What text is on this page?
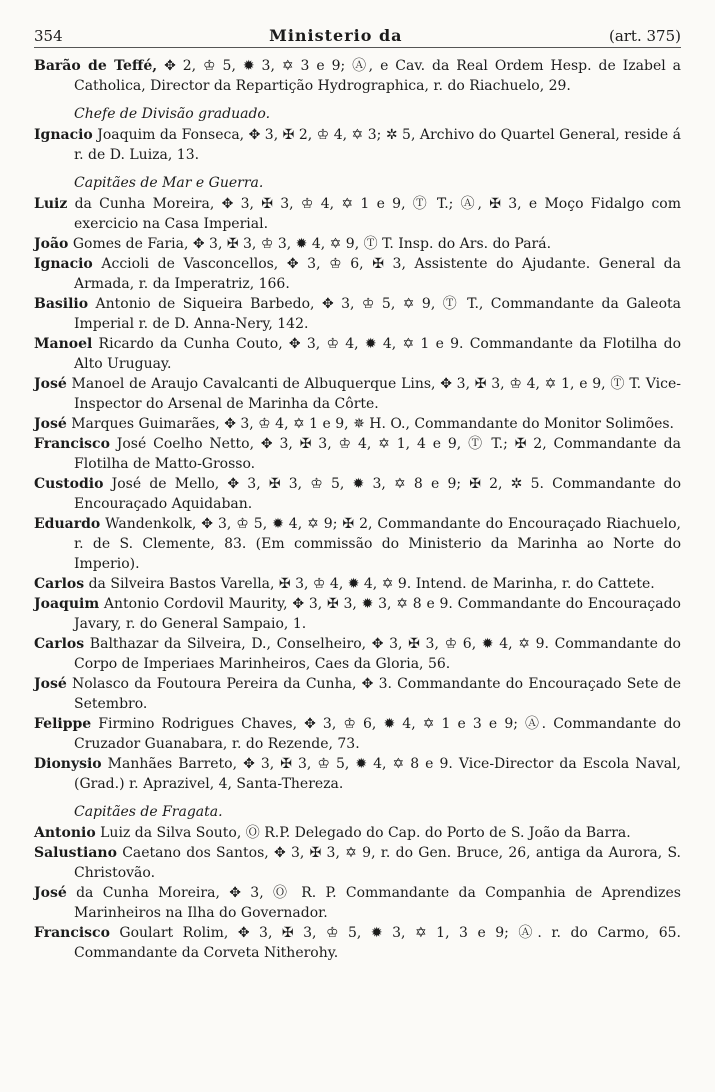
354	Ministerio da	(art. 375)

Barão de Teffé, ✥ 2, ♔ 5, ✹ 3, ✡ 3 e 9; Ⓐ, e Cav. da Real Ordem Hesp. de Izabel a Catholica, Director da Repartição Hydrographica, r. do Riachuelo, 29.

Chefe de Divisão graduado.

Ignacio Joaquim da Fonseca, ✥ 3, ✠ 2, ♔ 4, ✡ 3; ✲ 5, Archivo do Quartel General, reside á r. de D. Luiza, 13.

Capitães de Mar e Guerra.

Luiz da Cunha Moreira, ✥ 3, ✠ 3, ♔ 4, ✡ 1 e 9, Ⓣ T.; Ⓐ, ✠ 3, e Moço Fidalgo com exercicio na Casa Imperial.

João Gomes de Faria, ✥ 3, ✠ 3, ♔ 3, ✹ 4, ✡ 9, Ⓣ T. Insp. do Ars. do Pará.

Ignacio Accioli de Vasconcellos, ✥ 3, ♔ 6, ✠ 3, Assistente do Ajudante. General da Armada, r. da Imperatriz, 166.

Basilio Antonio de Siqueira Barbedo, ✥ 3, ♔ 5, ✡ 9, Ⓣ T., Commandante da Galeota Imperial r. de D. Anna-Nery, 142.

Manoel Ricardo da Cunha Couto, ✥ 3, ♔ 4, ✹ 4, ✡ 1 e 9. Commandante da Flotilha do Alto Uruguay.

José Manoel de Araujo Cavalcanti de Albuquerque Lins, ✥ 3, ✠ 3, ♔ 4, ✡ 1, e 9, Ⓣ T. Vice-Inspector do Arsenal de Marinha da Côrte.

José Marques Guimarães, ✥ 3, ♔ 4, ✡ 1 e 9, ✵ H. O., Commandante do Monitor Solimões.

Francisco José Coelho Netto, ✥ 3, ✠ 3, ♔ 4, ✡ 1, 4 e 9, Ⓣ T.; ✠ 2, Commandante da Flotilha de Matto-Grosso.

Custodio José de Mello, ✥ 3, ✠ 3, ♔ 5, ✹ 3, ✡ 8 e 9; ✠ 2, ✲ 5. Commandante do Encouraçado Aquidaban.

Eduardo Wandenkolk, ✥ 3, ♔ 5, ✹ 4, ✡ 9; ✠ 2, Commandante do Encouraçado Riachuelo, r. de S. Clemente, 83. (Em commissão do Ministerio da Marinha ao Norte do Imperio).

Carlos da Silveira Bastos Varella, ✠ 3, ♔ 4, ✹ 4, ✡ 9. Intend. de Marinha, r. do Cattete.

Joaquim Antonio Cordovil Maurity, ✥ 3, ✠ 3, ✹ 3, ✡ 8 e 9. Commandante do Encouraçado Javary, r. do General Sampaio, 1.

Carlos Balthazar da Silveira, D., Conselheiro, ✥ 3, ✠ 3, ♔ 6, ✹ 4, ✡ 9. Commandante do Corpo de Imperiaes Marinheiros, Caes da Gloria, 56.

José Nolasco da Foutoura Pereira da Cunha, ✥ 3. Commandante do Encouraçado Sete de Setembro.

Felippe Firmino Rodrigues Chaves, ✥ 3, ♔ 6, ✹ 4, ✡ 1 e 3 e 9; Ⓐ. Commandante do Cruzador Guanabara, r. do Rezende, 73.

Dionysio Manhães Barreto, ✥ 3, ✠ 3, ♔ 5, ✹ 4, ✡ 8 e 9. Vice-Director da Escola Naval, (Grad.) r. Aprazivel, 4, Santa-Thereza.

Capitães de Fragata.

Antonio Luiz da Silva Souto, Ⓞ R.P. Delegado do Cap. do Porto de S. João da Barra.

Salustiano Caetano dos Santos, ✥ 3, ✠ 3, ✡ 9, r. do Gen. Bruce, 26, antiga da Aurora, S. Christovão.

José da Cunha Moreira, ✥ 3, Ⓞ R. P. Commandante da Companhia de Aprendizes Marinheiros na Ilha do Governador.

Francisco Goulart Rolim, ✥ 3, ✠ 3, ♔ 5, ✹ 3, ✡ 1, 3 e 9; Ⓐ. r. do Carmo, 65. Commandante da Corveta Nitherohy.
